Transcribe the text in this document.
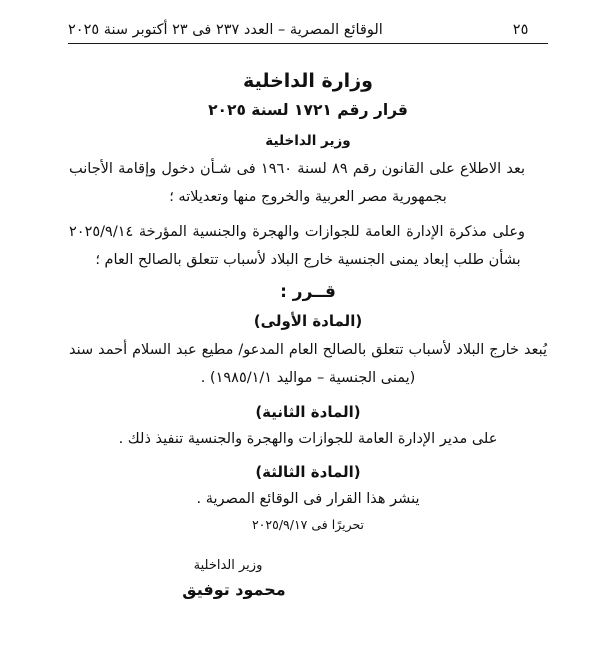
الوقائع المصرية – العدد ٢٣٧ فى ٢٣ أكتوبر سنة ٢٠٢٥	٢٥
وزارة الداخلية
قرار رقم ١٧٢١ لسنة ٢٠٢٥
وزير الداخلية

بعد الاطلاع على القانون رقم ٨٩ لسنة ١٩٦٠ فى شـأن دخول وإقامة الأجانب بجمهورية مصر العربية والخروج منها وتعديلاته ؛

وعلى مذكرة الإدارة العامة للجوازات والهجرة والجنسية المؤرخة ٢٠٢٥/٩/١٤ بشأن طلب إبعاد يمنى الجنسية خارج البلاد لأسباب تتعلق بالصالح العام ؛

قــرر :
(المادة الأولى)

يُبعد خارج البلاد لأسباب تتعلق بالصالح العام المدعو/ مطيع عبد السلام أحمد سند (يمنى الجنسية – مواليد ١٩٨٥/١/١) .

(المادة الثانية)

على مدير الإدارة العامة للجوازات والهجرة والجنسية تنفيذ ذلك .

(المادة الثالثة)

ينشر هذا القرار فى الوقائع المصرية .

تحريرًا فى ٢٠٢٥/٩/١٧
وزير الداخلية
محمود توفيق
